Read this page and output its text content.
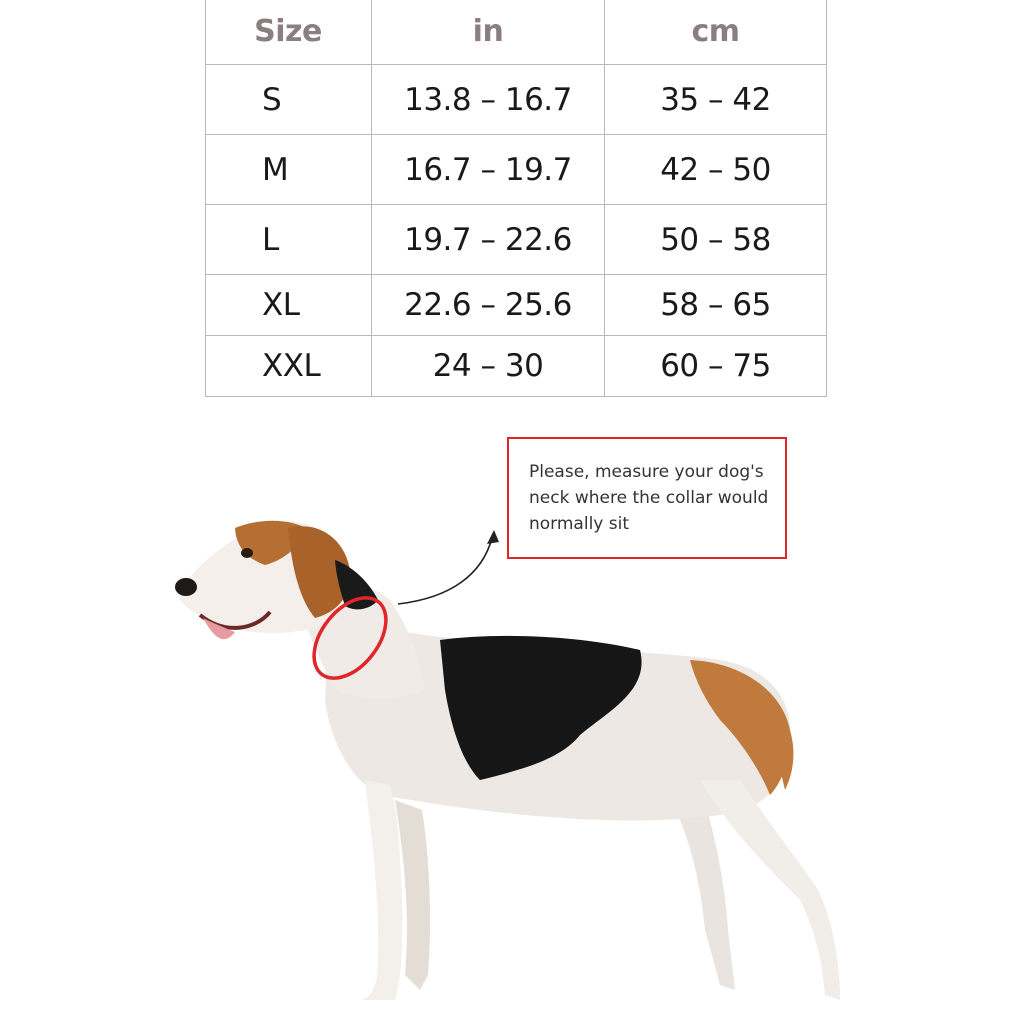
Size	in	cm
S	13.8 – 16.7	35 – 42
M	16.7 – 19.7	42 – 50
L	19.7 – 22.6	50 – 58
XL	22.6 – 25.6	58 – 65
XXL	24 – 30	60 – 75
Please, measure your dog's neck where the collar would normally sit
